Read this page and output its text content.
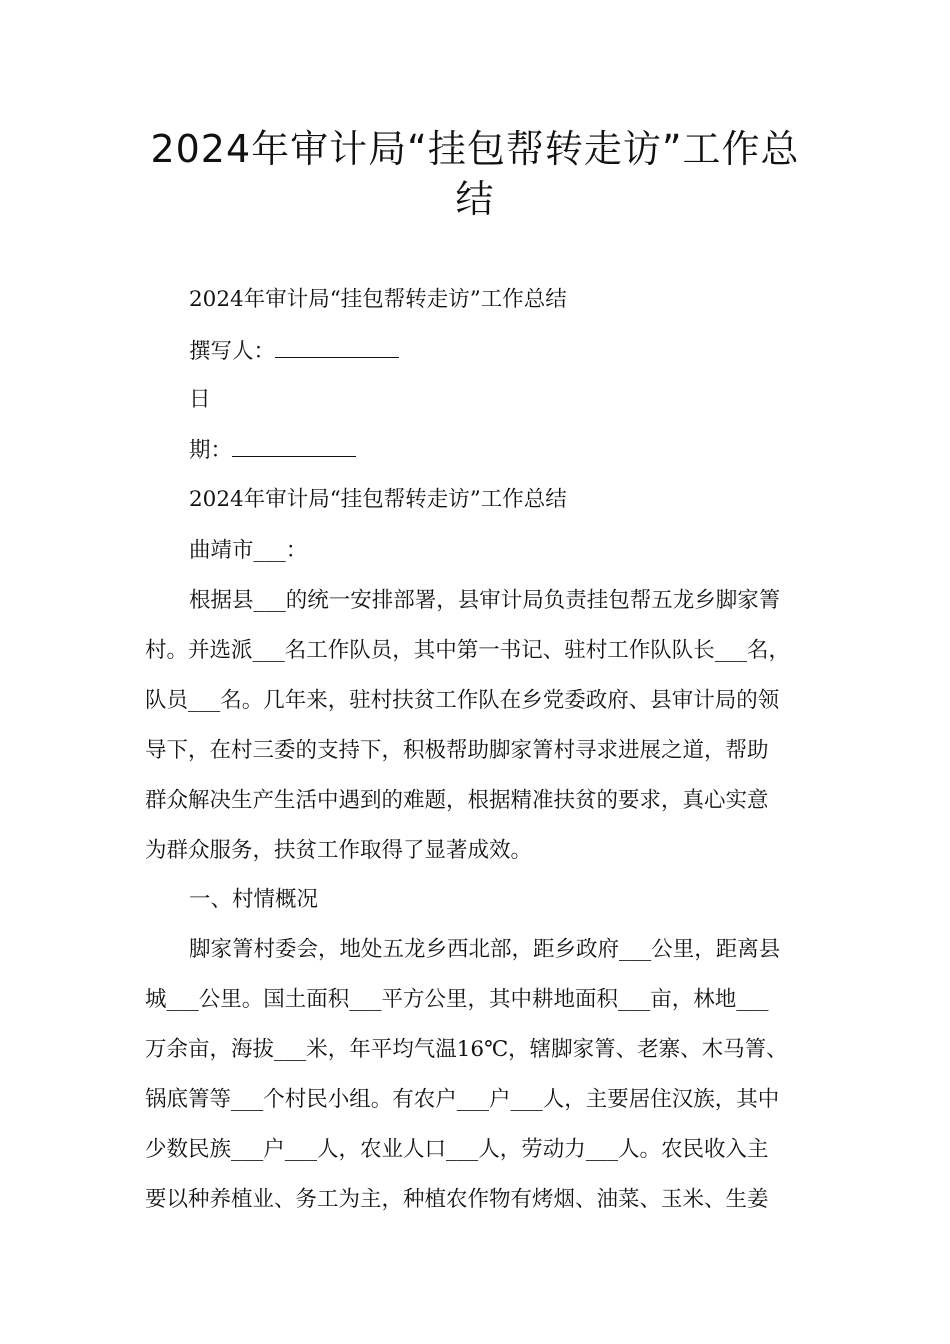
2024年审计局“挂包帮转走访”工作总
结
2024年审计局“挂包帮转走访”工作总结
撰写人：
日
期：
2024年审计局“挂包帮转走访”工作总结
曲靖市___：
根据县___的统一安排部署，县审计局负责挂包帮五龙乡脚家箐
村。并选派___名工作队员，其中第一书记、驻村工作队队长___名，
队员___名。几年来，驻村扶贫工作队在乡党委政府、县审计局的领
导下，在村三委的支持下，积极帮助脚家箐村寻求进展之道，帮助
群众解决生产生活中遇到的难题，根据精准扶贫的要求，真心实意
为群众服务，扶贫工作取得了显著成效。
一、村情概况
脚家箐村委会，地处五龙乡西北部，距乡政府___公里，距离县
城___公里。国土面积___平方公里，其中耕地面积___亩，林地___
万余亩，海拔___米，年平均气温16℃，辖脚家箐、老寨、木马箐、
锅底箐等___个村民小组。有农户___户___人，主要居住汉族，其中
少数民族___户___人，农业人口___人，劳动力___人。农民收入主
要以种养植业、务工为主，种植农作物有烤烟、油菜、玉米、生姜
